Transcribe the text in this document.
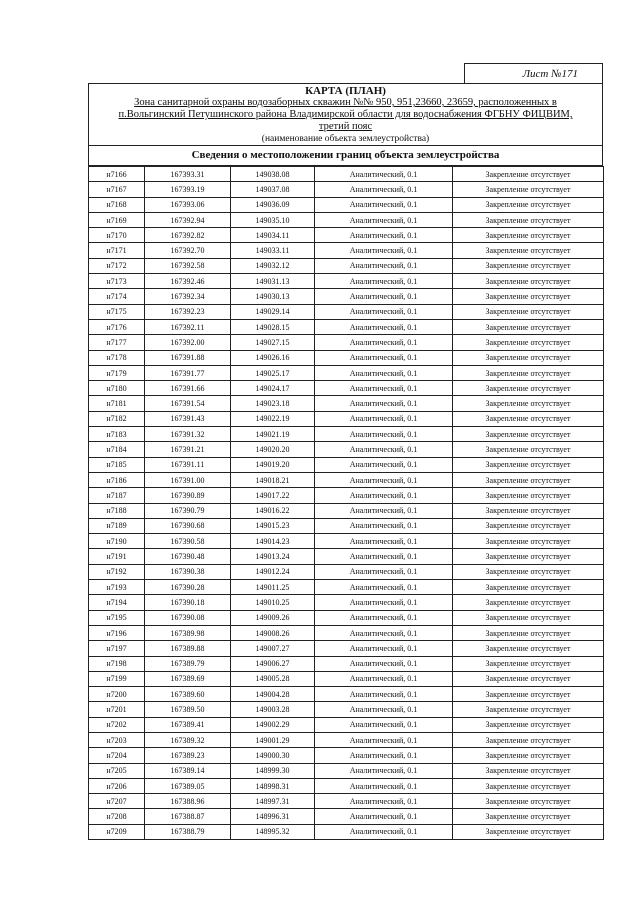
Лист №171
КАРТА (ПЛАН)
Зона санитарной охраны водозаборных скважин №№ 950, 951,23660, 23659, расположенных в
п.Вольгинский Петушинского района Владимирской области для водоснабжения ФГБНУ ФИЦВИМ,
третий пояс
(наименование объекта землеустройства)
Сведения о местоположении границ объекта землеустройства
н7166	167393.31	149038.08	Аналитический, 0.1	Закрепление отсутствует
н7167	167393.19	149037.08	Аналитический, 0.1	Закрепление отсутствует
н7168	167393.06	149036.09	Аналитический, 0.1	Закрепление отсутствует
н7169	167392.94	149035.10	Аналитический, 0.1	Закрепление отсутствует
н7170	167392.82	149034.11	Аналитический, 0.1	Закрепление отсутствует
н7171	167392.70	149033.11	Аналитический, 0.1	Закрепление отсутствует
н7172	167392.58	149032.12	Аналитический, 0.1	Закрепление отсутствует
н7173	167392.46	149031.13	Аналитический, 0.1	Закрепление отсутствует
н7174	167392.34	149030.13	Аналитический, 0.1	Закрепление отсутствует
н7175	167392.23	149029.14	Аналитический, 0.1	Закрепление отсутствует
н7176	167392.11	149028.15	Аналитический, 0.1	Закрепление отсутствует
н7177	167392.00	149027.15	Аналитический, 0.1	Закрепление отсутствует
н7178	167391.88	149026.16	Аналитический, 0.1	Закрепление отсутствует
н7179	167391.77	149025.17	Аналитический, 0.1	Закрепление отсутствует
н7180	167391.66	149024.17	Аналитический, 0.1	Закрепление отсутствует
н7181	167391.54	149023.18	Аналитический, 0.1	Закрепление отсутствует
н7182	167391.43	149022.19	Аналитический, 0.1	Закрепление отсутствует
н7183	167391.32	149021.19	Аналитический, 0.1	Закрепление отсутствует
н7184	167391.21	149020.20	Аналитический, 0.1	Закрепление отсутствует
н7185	167391.11	149019.20	Аналитический, 0.1	Закрепление отсутствует
н7186	167391.00	149018.21	Аналитический, 0.1	Закрепление отсутствует
н7187	167390.89	149017.22	Аналитический, 0.1	Закрепление отсутствует
н7188	167390.79	149016.22	Аналитический, 0.1	Закрепление отсутствует
н7189	167390.68	149015.23	Аналитический, 0.1	Закрепление отсутствует
н7190	167390.58	149014.23	Аналитический, 0.1	Закрепление отсутствует
н7191	167390.48	149013.24	Аналитический, 0.1	Закрепление отсутствует
н7192	167390.38	149012.24	Аналитический, 0.1	Закрепление отсутствует
н7193	167390.28	149011.25	Аналитический, 0.1	Закрепление отсутствует
н7194	167390.18	149010.25	Аналитический, 0.1	Закрепление отсутствует
н7195	167390.08	149009.26	Аналитический, 0.1	Закрепление отсутствует
н7196	167389.98	149008.26	Аналитический, 0.1	Закрепление отсутствует
н7197	167389.88	149007.27	Аналитический, 0.1	Закрепление отсутствует
н7198	167389.79	149006.27	Аналитический, 0.1	Закрепление отсутствует
н7199	167389.69	149005.28	Аналитический, 0.1	Закрепление отсутствует
н7200	167389.60	149004.28	Аналитический, 0.1	Закрепление отсутствует
н7201	167389.50	149003.28	Аналитический, 0.1	Закрепление отсутствует
н7202	167389.41	149002.29	Аналитический, 0.1	Закрепление отсутствует
н7203	167389.32	149001.29	Аналитический, 0.1	Закрепление отсутствует
н7204	167389.23	149000.30	Аналитический, 0.1	Закрепление отсутствует
н7205	167389.14	148999.30	Аналитический, 0.1	Закрепление отсутствует
н7206	167389.05	148998.31	Аналитический, 0.1	Закрепление отсутствует
н7207	167388.96	148997.31	Аналитический, 0.1	Закрепление отсутствует
н7208	167388.87	148996.31	Аналитический, 0.1	Закрепление отсутствует
н7209	167388.79	148995.32	Аналитический, 0.1	Закрепление отсутствует
